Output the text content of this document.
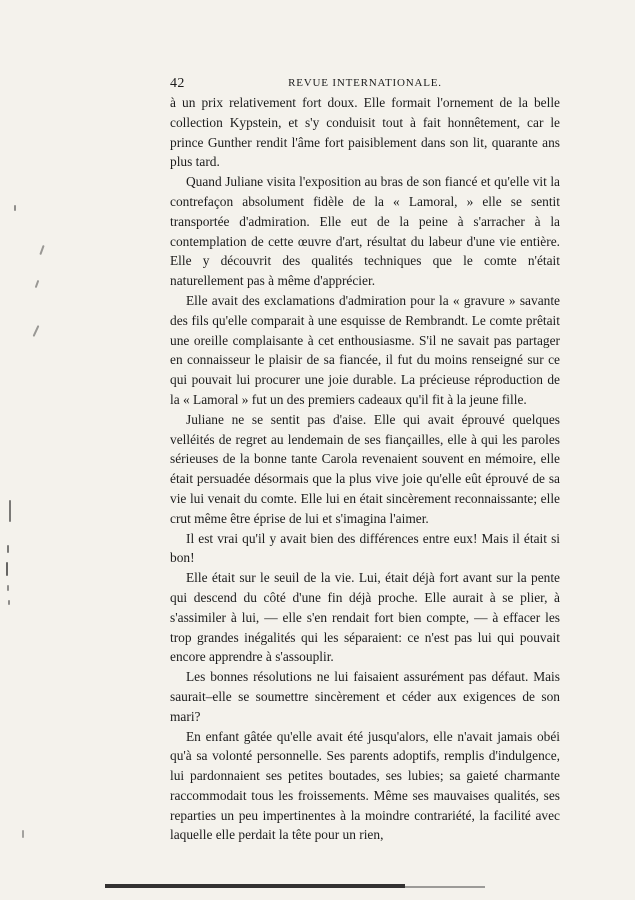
42	REVUE INTERNATIONALE.

à un prix relativement fort doux. Elle formait l'ornement de la belle collection Kypstein, et s'y conduisit tout à fait honnêtement, car le prince Gunther rendit l'âme fort paisiblement dans son lit, quarante ans plus tard.

Quand Juliane visita l'exposition au bras de son fiancé et qu'elle vit la contrefaçon absolument fidèle de la « Lamoral, » elle se sentit transportée d'admiration. Elle eut de la peine à s'arracher à la contemplation de cette œuvre d'art, résultat du labeur d'une vie entière. Elle y découvrit des qualités techniques que le comte n'était naturellement pas à même d'apprécier.

Elle avait des exclamations d'admiration pour la « gravure » savante des fils qu'elle comparait à une esquisse de Rembrandt. Le comte prêtait une oreille complaisante à cet enthousiasme. S'il ne savait pas partager en connaisseur le plaisir de sa fiancée, il fut du moins renseigné sur ce qui pouvait lui procurer une joie durable. La précieuse réproduction de la « Lamoral » fut un des premiers cadeaux qu'il fit à la jeune fille.

Juliane ne se sentit pas d'aise. Elle qui avait éprouvé quelques velléités de regret au lendemain de ses fiançailles, elle à qui les paroles sérieuses de la bonne tante Carola revenaient souvent en mémoire, elle était persuadée désormais que la plus vive joie qu'elle eût éprouvé de sa vie lui venait du comte. Elle lui en était sincèrement reconnaissante; elle crut même être éprise de lui et s'imagina l'aimer.

Il est vrai qu'il y avait bien des différences entre eux! Mais il était si bon!

Elle était sur le seuil de la vie. Lui, était déjà fort avant sur la pente qui descend du côté d'une fin déjà proche. Elle aurait à se plier, à s'assimiler à lui, — elle s'en rendait fort bien compte, — à effacer les trop grandes inégalités qui les séparaient: ce n'est pas lui qui pouvait encore apprendre à s'assouplir.

Les bonnes résolutions ne lui faisaient assurément pas défaut. Mais saurait–elle se soumettre sincèrement et céder aux exigences de son mari?

En enfant gâtée qu'elle avait été jusqu'alors, elle n'avait jamais obéi qu'à sa volonté personnelle. Ses parents adoptifs, remplis d'indulgence, lui pardonnaient ses petites boutades, ses lubies; sa gaieté charmante raccommodait tous les froissements. Même ses mauvaises qualités, ses reparties un peu impertinentes à la moindre contrariété, la facilité avec laquelle elle perdait la tête pour un rien,
